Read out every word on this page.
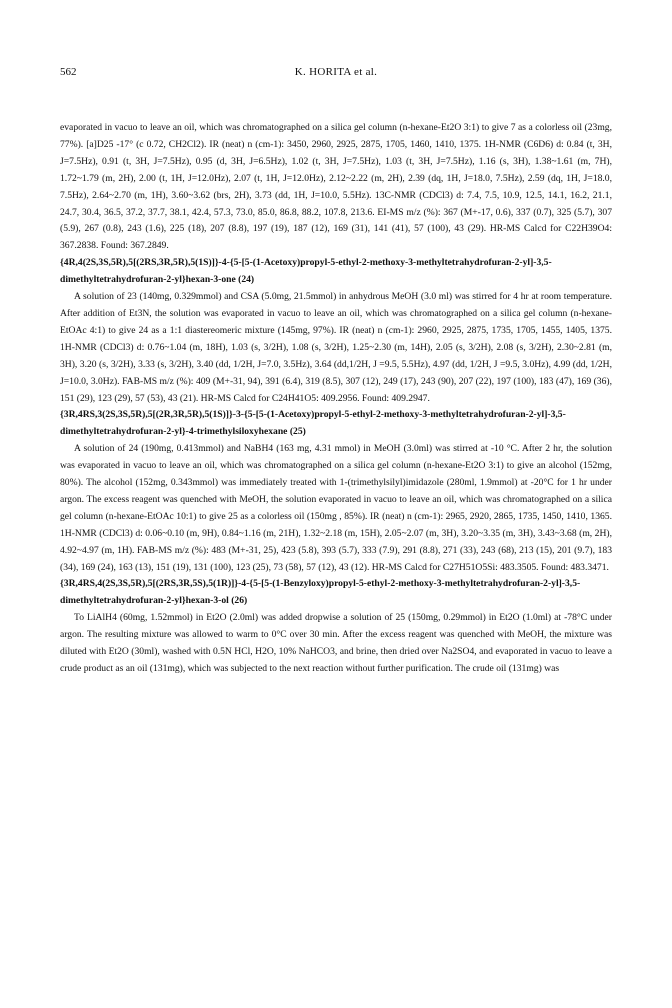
562	K. HORITA et al.

evaporated in vacuo to leave an oil, which was chromatographed on a silica gel column (n-hexane-Et2O 3:1) to give 7 as a colorless oil (23mg, 77%). [a]D25 -17° (c 0.72, CH2Cl2). IR (neat) n (cm-1): 3450, 2960, 2925, 2875, 1705, 1460, 1410, 1375. 1H-NMR (C6D6) d: 0.84 (t, 3H, J=7.5Hz), 0.91 (t, 3H, J=7.5Hz), 0.95 (d, 3H, J=6.5Hz), 1.02 (t, 3H, J=7.5Hz), 1.03 (t, 3H, J=7.5Hz), 1.16 (s, 3H), 1.38~1.61 (m, 7H), 1.72~1.79 (m, 2H), 2.00 (t, 1H, J=12.0Hz), 2.07 (t, 1H, J=12.0Hz), 2.12~2.22 (m, 2H), 2.39 (dq, 1H, J=18.0, 7.5Hz), 2.59 (dq, 1H, J=18.0, 7.5Hz), 2.64~2.70 (m, 1H), 3.60~3.62 (brs, 2H), 3.73 (dd, 1H, J=10.0, 5.5Hz). 13C-NMR (CDCl3) d: 7.4, 7.5, 10.9, 12.5, 14.1, 16.2, 21.1, 24.7, 30.4, 36.5, 37.2, 37.7, 38.1, 42.4, 57.3, 73.0, 85.0, 86.8, 88.2, 107.8, 213.6. EI-MS m/z (%): 367 (M+-17, 0.6), 337 (0.7), 325 (5.7), 307 (5.9), 267 (0.8), 243 (1.6), 225 (18), 207 (8.8), 197 (19), 187 (12), 169 (31), 141 (41), 57 (100), 43 (29). HR-MS Calcd for C22H39O4: 367.2838. Found: 367.2849.

{4R,4(2S,3S,5R),5[(2RS,3R,5R),5(1S)]}-4-{5-[5-(1-Acetoxy)propyl-5-ethyl-2-methoxy-3-methyltetrahydrofuran-2-yl]-3,5-dimethyltetrahydrofuran-2-yl}hexan-3-one (24)

A solution of 23 (140mg, 0.329mmol) and CSA (5.0mg, 21.5mmol) in anhydrous MeOH (3.0 ml) was stirred for 4 hr at room temperature. After addition of Et3N, the solution was evaporated in vacuo to leave an oil, which was chromatographed on a silica gel column (n-hexane-EtOAc 4:1) to give 24 as a 1:1 diastereomeric mixture (145mg, 97%). IR (neat) n (cm-1): 2960, 2925, 2875, 1735, 1705, 1455, 1405, 1375. 1H-NMR (CDCl3) d: 0.76~1.04 (m, 18H), 1.03 (s, 3/2H), 1.08 (s, 3/2H), 1.25~2.30 (m, 14H), 2.05 (s, 3/2H), 2.08 (s, 3/2H), 2.30~2.81 (m, 3H), 3.20 (s, 3/2H), 3.33 (s, 3/2H), 3.40 (dd, 1/2H, J=7.0, 3.5Hz), 3.64 (dd,1/2H, J =9.5, 5.5Hz), 4.97 (dd, 1/2H, J =9.5, 3.0Hz), 4.99 (dd, 1/2H, J=10.0, 3.0Hz). FAB-MS m/z (%): 409 (M+-31, 94), 391 (6.4), 319 (8.5), 307 (12), 249 (17), 243 (90), 207 (22), 197 (100), 183 (47), 169 (36), 151 (29), 123 (29), 57 (53), 43 (21). HR-MS Calcd for C24H41O5: 409.2956. Found: 409.2947.

{3R,4RS,3(2S,3S,5R),5[(2R,3R,5R),5(1S)]}-3-{5-[5-(1-Acetoxy)propyl-5-ethyl-2-methoxy-3-methyltetrahydrofuran-2-yl]-3,5-dimethyltetrahydrofuran-2-yl}-4-trimethylsiloxyhexane (25)

A solution of 24 (190mg, 0.413mmol) and NaBH4 (163 mg, 4.31 mmol) in MeOH (3.0ml) was stirred at -10 °C. After 2 hr, the solution was evaporated in vacuo to leave an oil, which was chromatographed on a silica gel column (n-hexane-Et2O 3:1) to give an alcohol (152mg, 80%). The alcohol (152mg, 0.343mmol) was immediately treated with 1-(trimethylsilyl)imidazole (280ml, 1.9mmol) at -20°C for 1 hr under argon. The excess reagent was quenched with MeOH, the solution evaporated in vacuo to leave an oil, which was chromatographed on a silica gel column (n-hexane-EtOAc 10:1) to give 25 as a colorless oil (150mg , 85%). IR (neat) n (cm-1): 2965, 2920, 2865, 1735, 1450, 1410, 1365. 1H-NMR (CDCl3) d: 0.06~0.10 (m, 9H), 0.84~1.16 (m, 21H), 1.32~2.18 (m, 15H), 2.05~2.07 (m, 3H), 3.20~3.35 (m, 3H), 3.43~3.68 (m, 2H), 4.92~4.97 (m, 1H). FAB-MS m/z (%): 483 (M+-31, 25), 423 (5.8), 393 (5.7), 333 (7.9), 291 (8.8), 271 (33), 243 (68), 213 (15), 201 (9.7), 183 (34), 169 (24), 163 (13), 151 (19), 131 (100), 123 (25), 73 (58), 57 (12), 43 (12). HR-MS Calcd for C27H51O5Si: 483.3505. Found: 483.3471.

{3R,4RS,4(2S,3S,5R),5[(2RS,3R,5S),5(1R)]}-4-{5-[5-(1-Benzyloxy)propyl-5-ethyl-2-methoxy-3-methyltetrahydrofuran-2-yl]-3,5-dimethyltetrahydrofuran-2-yl}hexan-3-ol (26)

To LiAlH4 (60mg, 1.52mmol) in Et2O (2.0ml) was added dropwise a solution of 25 (150mg, 0.29mmol) in Et2O (1.0ml) at -78°C under argon. The resulting mixture was allowed to warm to 0°C over 30 min. After the excess reagent was quenched with MeOH, the mixture was diluted with Et2O (30ml), washed with 0.5N HCl, H2O, 10% NaHCO3, and brine, then dried over Na2SO4, and evaporated in vacuo to leave a crude product as an oil (131mg), which was subjected to the next reaction without further purification. The crude oil (131mg) was
